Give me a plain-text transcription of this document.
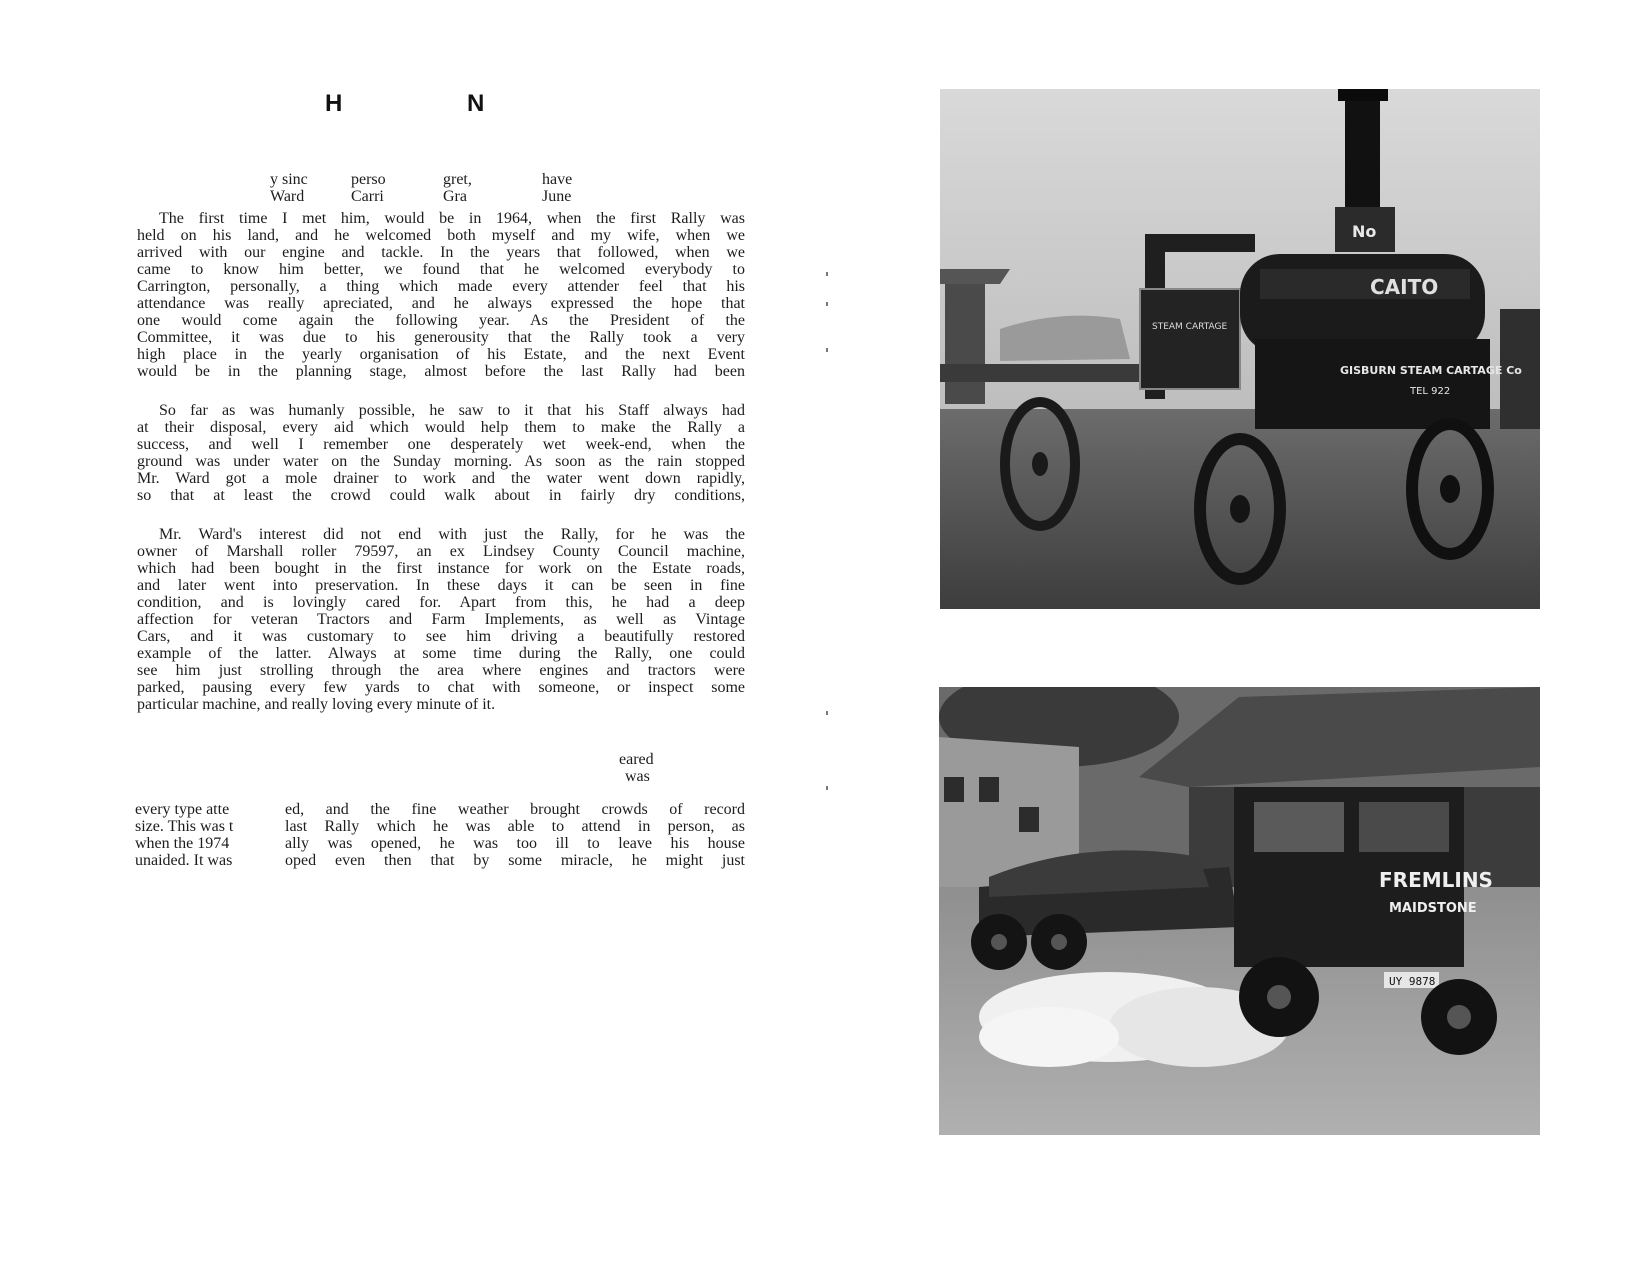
H	N
y sinc
Ward
perso
Carri
gret,
Gra
have
June

The first time I met him, would be in 1964, when the first Rally was

held on his land, and he welcomed both myself and my wife, when we

arrived with our engine and tackle. In the years that followed, when we

came to know him better, we found that he welcomed everybody to

Carrington, personally, a thing which made every attender feel that his

attendance was really apreciated, and he always expressed the hope that

one would come again the following year. As the President of the

Committee, it was due to his generousity that the Rally took a very

high place in the yearly organisation of his Estate, and the next Event

would be in the planning stage, almost before the last Rally had been

So far as was humanly possible, he saw to it that his Staff always had

at their disposal, every aid which would help them to make the Rally a

success, and well I remember one desperately wet week-end, when the

ground was under water on the Sunday morning. As soon as the rain stopped

Mr. Ward got a mole drainer to work and the water went down rapidly,

so that at least the crowd could walk about in fairly dry conditions,

Mr. Ward's interest did not end with just the Rally, for he was the

owner of Marshall roller 79597, an ex Lindsey County Council machine,

which had been bought in the first instance for work on the Estate roads,

and later went into preservation. In these days it can be seen in fine

condition, and is lovingly cared for. Apart from this, he had a deep

affection for veteran Tractors and Farm Implements, as well as Vintage

Cars, and it was customary to see him driving a beautifully restored

example of the latter. Always at some time during the Rally, one could

see him just strolling through the area where engines and tractors were

parked, pausing every few yards to chat with someone, or inspect some

particular machine, and really loving every minute of it.

eared
was
every type atte
size. This was t
when the 1974
unaided. It was

ed, and the fine weather brought crowds of record

last Rally which he was able to attend in person, as

ally was opened, he was too ill to leave his house

oped even then that by some miracle, he might just

STEAM CARTAGE
CAITO
No
GISBURN STEAM CARTAGE Co
TEL 922
FREMLINS
MAIDSTONE
UY 9878
